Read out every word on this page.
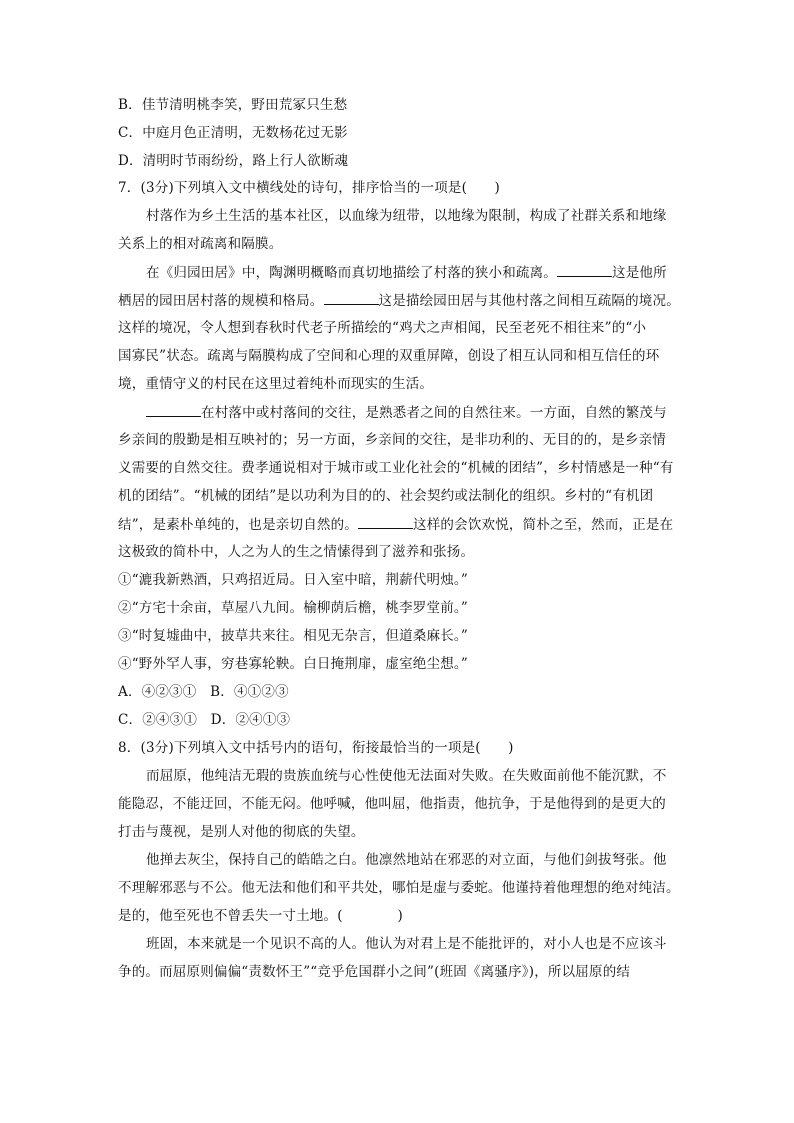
B．佳节清明桃李笑，野田荒冢只生愁
C．中庭月色正清明，无数杨花过无影
D．清明时节雨纷纷，路上行人欲断魂
7．(3分)下列填入文中横线处的诗句，排序恰当的一项是(　　)
村落作为乡土生活的基本社区，以血缘为纽带，以地缘为限制，构成了社群关系和地缘
关系上的相对疏离和隔膜。
在《归园田居》中，陶渊明概略而真切地描绘了村落的狭小和疏离。	这是他所
栖居的园田居村落的规模和格局。	这是描绘园田居与其他村落之间相互疏隔的境况。
这样的境况，令人想到春秋时代老子所描绘的“鸡犬之声相闻，民至老死不相往来”的“小
国寡民”状态。疏离与隔膜构成了空间和心理的双重屏障，创设了相互认同和相互信任的环
境，重情守义的村民在这里过着纯朴而现实的生活。
在村落中或村落间的交往，是熟悉者之间的自然往来。一方面，自然的繁茂与
乡亲间的殷勤是相互映衬的；另一方面，乡亲间的交往，是非功利的、无目的的，是乡亲情
义需要的自然交往。费孝通说相对于城市或工业化社会的“机械的团结”，乡村情感是一种“有
机的团结”。“机械的团结”是以功利为目的的、社会契约或法制化的组织。乡村的“有机团
结”，是素朴单纯的，也是亲切自然的。	这样的会饮欢悦，简朴之至，然而，正是在
这极致的简朴中，人之为人的生之情愫得到了滋养和张扬。
①“漉我新熟酒，只鸡招近局。日入室中暗，荆薪代明烛。”
②“方宅十余亩，草屋八九间。榆柳荫后檐，桃李罗堂前。”
③“时复墟曲中，披草共来往。相见无杂言，但道桑麻长。”
④“野外罕人事，穷巷寡轮鞅。白日掩荆扉，虚室绝尘想。”
A．④②③①　B．④①②③
C．②④③①　D．②④①③
8．(3分)下列填入文中括号内的语句，衔接最恰当的一项是(　　)
而屈原，他纯洁无瑕的贵族血统与心性使他无法面对失败。在失败面前他不能沉默，不
能隐忍，不能迂回，不能无闷。他呼喊，他叫屈，他指责，他抗争，于是他得到的是更大的
打击与蔑视，是别人对他的彻底的失望。
他掸去灰尘，保持自己的皓皓之白。他凛然地站在邪恶的对立面，与他们剑拔弩张。他
不理解邪恶与不公。他无法和他们和平共处，哪怕是虚与委蛇。他谨持着他理想的绝对纯洁。
是的，他至死也不曾丢失一寸土地。(　　　　)
班固，本来就是一个见识不高的人。他认为对君上是不能批评的，对小人也是不应该斗
争的。而屈原则偏偏“责数怀王”“竞乎危国群小之间”(班固《离骚序》)，所以屈原的结
